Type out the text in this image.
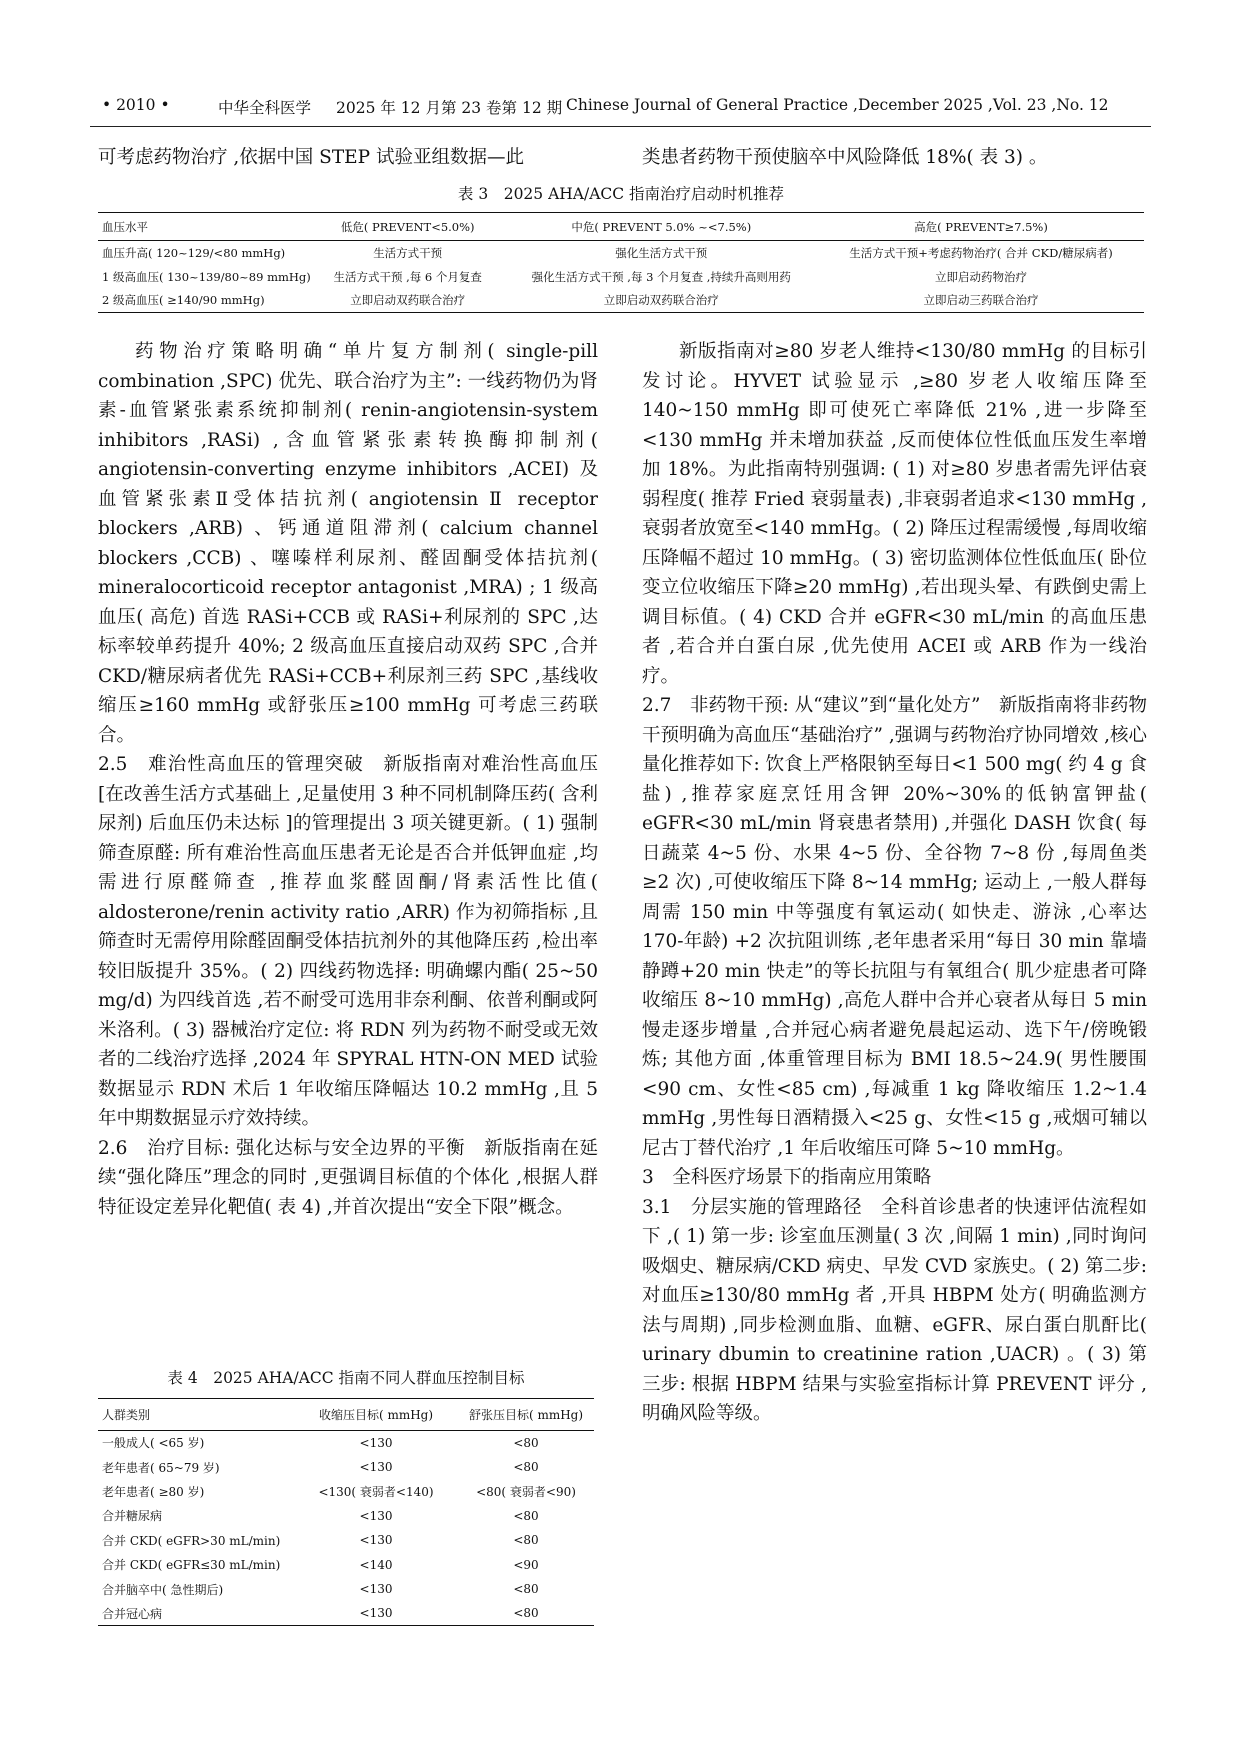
• 2010 •	中华全科医学 2025 年 12 月第 23 卷第 12 期 Chinese Journal of General Practice ,December 2025 ,Vol. 23 ,No. 12
可考虑药物治疗 ,依据中国 STEP 试验亚组数据—此	类患者药物干预使脑卒中风险降低 18%( 表 3) 。
表 3　2025 AHA/ACC 指南治疗启动时机推荐
血压水平	低危( PREVENT<5.0%)	中危( PREVENT 5.0% ~<7.5%)	高危( PREVENT≥7.5%)
血压升高( 120~129/<80 mmHg)	生活方式干预	强化生活方式干预	生活方式干预+考虑药物治疗( 合并 CKD/糖尿病者)
1 级高血压( 130~139/80~89 mmHg)	生活方式干预 ,每 6 个月复查	强化生活方式干预 ,每 3 个月复查 ,持续升高则用药	立即启动药物治疗
2 级高血压( ≥140/90 mmHg)	立即启动双药联合治疗	立即启动双药联合治疗	立即启动三药联合治疗

药物治疗策略明确“单片复方制剂( single-pill combination ,SPC) 优先、联合治疗为主”: 一线药物仍为肾素-血管紧张素系统抑制剂( renin-angiotensin-system inhibitors ,RASi) ,含血管紧张素转换酶抑制剂( angiotensin-converting enzyme inhibitors ,ACEI) 及血管紧张素Ⅱ受体拮抗剂( angiotensin Ⅱ receptor blockers ,ARB) 、钙通道阻滞剂( calcium channel blockers ,CCB) 、噻嗪样利尿剂、醛固酮受体拮抗剂( mineralocorticoid receptor antagonist ,MRA) ; 1 级高血压( 高危) 首选 RASi+CCB 或 RASi+利尿剂的 SPC ,达标率较单药提升 40%; 2 级高血压直接启动双药 SPC ,合并 CKD/糖尿病者优先 RASi+CCB+利尿剂三药 SPC ,基线收缩压≥160 mmHg 或舒张压≥100 mmHg 可考虑三药联合。

2.5　难治性高血压的管理突破　新版指南对难治性高血压 [在改善生活方式基础上 ,足量使用 3 种不同机制降压药( 含利尿剂) 后血压仍未达标 ]的管理提出 3 项关键更新。( 1) 强制筛查原醛: 所有难治性高血压患者无论是否合并低钾血症 ,均需进行原醛筛查 ,推荐血浆醛固酮/肾素活性比值( aldosterone/renin activity ratio ,ARR) 作为初筛指标 ,且筛查时无需停用除醛固酮受体拮抗剂外的其他降压药 ,检出率较旧版提升 35%。( 2) 四线药物选择: 明确螺内酯( 25~50 mg/d) 为四线首选 ,若不耐受可选用非奈利酮、依普利酮或阿米洛利。( 3) 器械治疗定位: 将 RDN 列为药物不耐受或无效者的二线治疗选择 ,2024 年 SPYRAL HTN-ON MED 试验数据显示 RDN 术后 1 年收缩压降幅达 10.2 mmHg ,且 5 年中期数据显示疗效持续。

2.6　治疗目标: 强化达标与安全边界的平衡　新版指南在延续“强化降压”理念的同时 ,更强调目标值的个体化 ,根据人群特征设定差异化靶值( 表 4) ,并首次提出“安全下限”概念。

表 4　2025 AHA/ACC 指南不同人群血压控制目标
人群类别	收缩压目标( mmHg)	舒张压目标( mmHg)
一般成人( <65 岁)	<130	<80
老年患者( 65~79 岁)	<130	<80
老年患者( ≥80 岁)	<130( 衰弱者<140)	<80( 衰弱者<90)
合并糖尿病	<130	<80
合并 CKD( eGFR>30 mL/min)	<130	<80
合并 CKD( eGFR≤30 mL/min)	<140	<90
合并脑卒中( 急性期后)	<130	<80
合并冠心病	<130	<80

新版指南对≥80 岁老人维持<130/80 mmHg 的目标引发讨论。HYVET 试验显示 ,≥80 岁老人收缩压降至 140~150 mmHg 即可使死亡率降低 21% ,进一步降至<130 mmHg 并未增加获益 ,反而使体位性低血压发生率增加 18%。为此指南特别强调: ( 1) 对≥80 岁患者需先评估衰弱程度( 推荐 Fried 衰弱量表) ,非衰弱者追求<130 mmHg ,衰弱者放宽至<140 mmHg。( 2) 降压过程需缓慢 ,每周收缩压降幅不超过 10 mmHg。( 3) 密切监测体位性低血压( 卧位变立位收缩压下降≥20 mmHg) ,若出现头晕、有跌倒史需上调目标值。( 4) CKD 合并 eGFR<30 mL/min 的高血压患者 ,若合并白蛋白尿 ,优先使用 ACEI 或 ARB 作为一线治疗。

2.7　非药物干预: 从“建议”到“量化处方”　新版指南将非药物干预明确为高血压“基础治疗” ,强调与药物治疗协同增效 ,核心量化推荐如下: 饮食上严格限钠至每日<1 500 mg( 约 4 g 食盐) ,推荐家庭烹饪用含钾 20%~30%的低钠富钾盐( eGFR<30 mL/min 肾衰患者禁用) ,并强化 DASH 饮食( 每日蔬菜 4~5 份、水果 4~5 份、全谷物 7~8 份 ,每周鱼类≥2 次) ,可使收缩压下降 8~14 mmHg; 运动上 ,一般人群每周需 150 min 中等强度有氧运动( 如快走、游泳 ,心率达 170-年龄) +2 次抗阻训练 ,老年患者采用“每日 30 min 靠墙静蹲+20 min 快走”的等长抗阻与有氧组合( 肌少症患者可降收缩压 8~10 mmHg) ,高危人群中合并心衰者从每日 5 min 慢走逐步增量 ,合并冠心病者避免晨起运动、选下午/傍晚锻炼; 其他方面 ,体重管理目标为 BMI 18.5~24.9( 男性腰围<90 cm、女性<85 cm) ,每减重 1 kg 降收缩压 1.2~1.4 mmHg ,男性每日酒精摄入<25 g、女性<15 g ,戒烟可辅以尼古丁替代治疗 ,1 年后收缩压可降 5~10 mmHg。

3　全科医疗场景下的指南应用策略

3.1　分层实施的管理路径　全科首诊患者的快速评估流程如下 ,( 1) 第一步: 诊室血压测量( 3 次 ,间隔 1 min) ,同时询问吸烟史、糖尿病/CKD 病史、早发 CVD 家族史。( 2) 第二步: 对血压≥130/80 mmHg 者 ,开具 HBPM 处方( 明确监测方法与周期) ,同步检测血脂、血糖、eGFR、尿白蛋白肌酐比( urinary dbumin to creatinine ration ,UACR) 。( 3) 第三步: 根据 HBPM 结果与实验室指标计算 PREVENT 评分 ,明确风险等级。
